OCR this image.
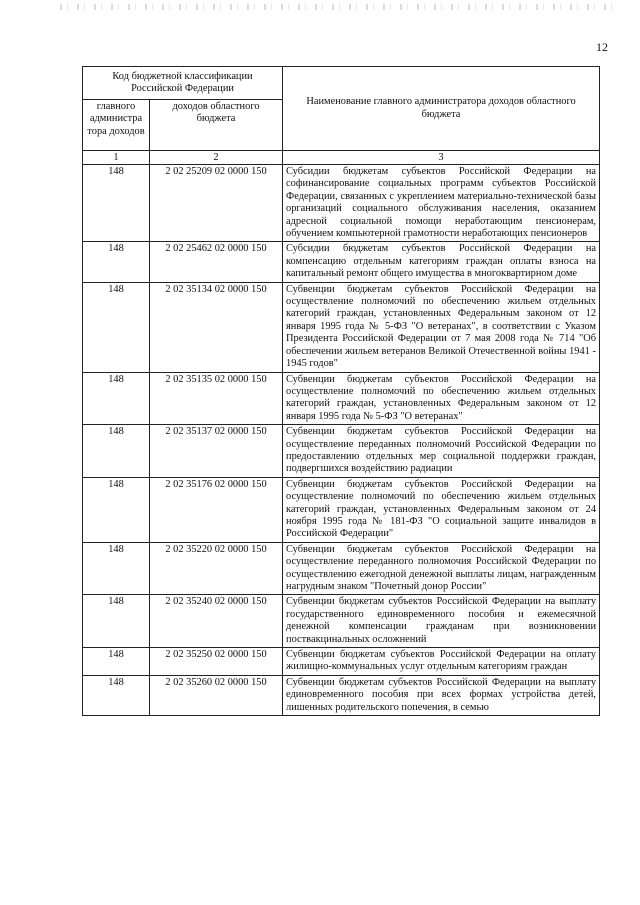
12
Код бюджетной классификации Российской Федерации		Наименование главного администратора доходов областного бюджета
главного администра тора доходов	доходов областного бюджета	
1	2	3
148	2 02 25209 02 0000 150	Субсидии бюджетам субъектов Российской Федерации на софинансирование социальных программ субъектов Российской Федерации, связанных с укреплением материально-технической базы организаций социального обслуживания населения, оказанием адресной социальной помощи неработающим пенсионерам, обучением компьютерной грамотности неработающих пенсионеров
148	2 02 25462 02 0000 150	Субсидии бюджетам субъектов Российской Федерации на компенсацию отдельным категориям граждан оплаты взноса на капитальный ремонт общего имущества в многоквартирном доме
148	2 02 35134 02 0000 150	Субвенции бюджетам субъектов Российской Федерации на осуществление полномочий по обеспечению жильем отдельных категорий граждан, установленных Федеральным законом от 12 января 1995 года № 5-ФЗ "О ветеранах", в соответствии с Указом Президента Российской Федерации от 7 мая 2008 года № 714 "Об обеспечении жильем ветеранов Великой Отечественной войны 1941 - 1945 годов"
148	2 02 35135 02 0000 150	Субвенции бюджетам субъектов Российской Федерации на осуществление полномочий по обеспечению жильем отдельных категорий граждан, установленных Федеральным законом от 12 января 1995 года № 5-ФЗ "О ветеранах"
148	2 02 35137 02 0000 150	Субвенции бюджетам субъектов Российской Федерации на осуществление переданных полномочий Российской Федерации по предоставлению отдельных мер социальной поддержки граждан, подвергшихся воздействию радиации
148	2 02 35176 02 0000 150	Субвенции бюджетам субъектов Российской Федерации на осуществление полномочий по обеспечению жильем отдельных категорий граждан, установленных Федеральным законом от 24 ноября 1995 года № 181-ФЗ "О социальной защите инвалидов в Российской Федерации"
148	2 02 35220 02 0000 150	Субвенции бюджетам субъектов Российской Федерации на осуществление переданного полномочия Российской Федерации по осуществлению ежегодной денежной выплаты лицам, награжденным нагрудным знаком "Почетный донор России"
148	2 02 35240 02 0000 150	Субвенции бюджетам субъектов Российской Федерации на выплату государственного единовременного пособия и ежемесячной денежной компенсации гражданам при возникновении поствакцинальных осложнений
148	2 02 35250 02 0000 150	Субвенции бюджетам субъектов Российской Федерации на оплату жилищно-коммунальных услуг отдельным категориям граждан
148	2 02 35260 02 0000 150	Субвенции бюджетам субъектов Российской Федерации на выплату единовременного пособия при всех формах устройства детей, лишенных родительского попечения, в семью
